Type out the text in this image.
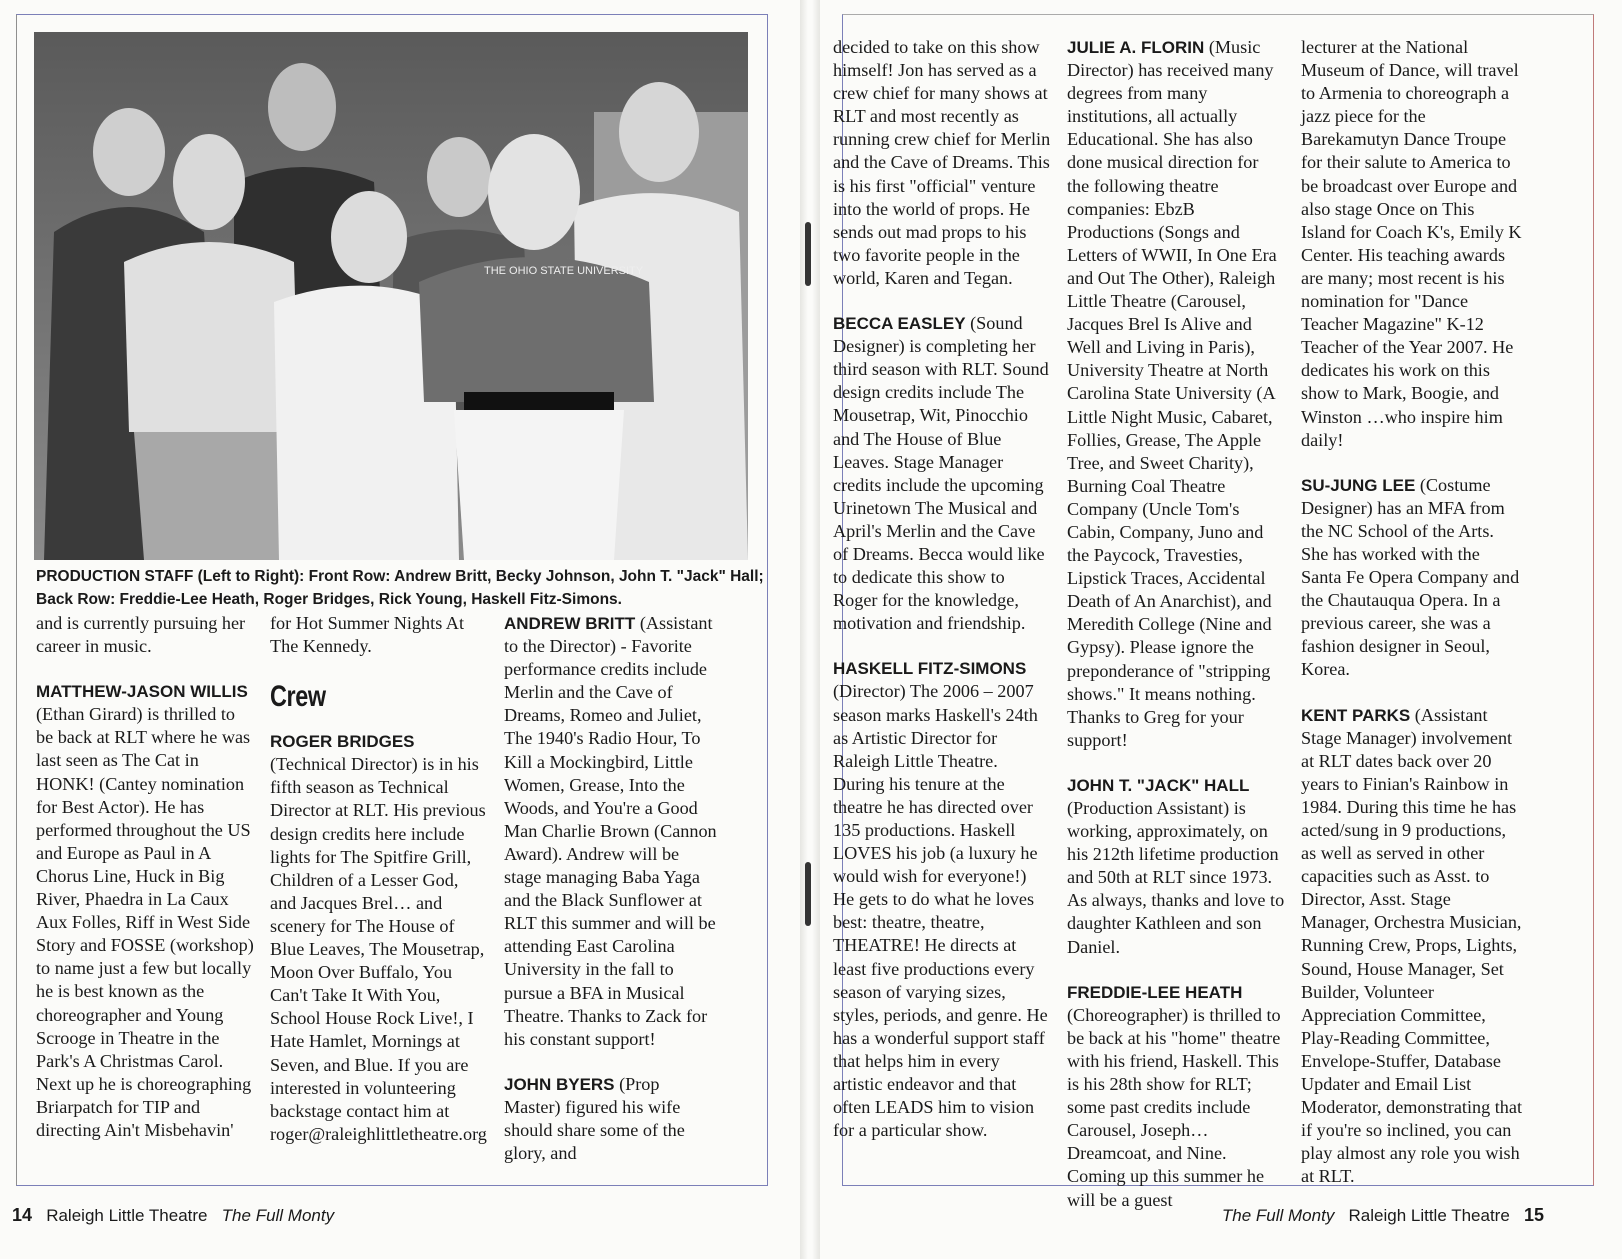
THE OHIO STATE UNIVERSITY
PRODUCTION STAFF (Left to Right): Front Row: Andrew Britt, Becky Johnson, John T. "Jack" Hall; Back Row: Freddie-Lee Heath, Roger Bridges, Rick Young, Haskell Fitz-Simons.

and is currently pursuing her career in music.

MATTHEW-JASON WILLIS (Ethan Girard) is thrilled to be back at RLT where he was last seen as The Cat in HONK! (Cantey nomination for Best Actor). He has performed throughout the US and Europe as Paul in A Chorus Line, Huck in Big River, Phaedra in La Caux Aux Folles, Riff in West Side Story and FOSSE (workshop) to name just a few but locally he is best known as the choreographer and Young Scrooge in Theatre in the Park's A Christmas Carol. Next up he is choreographing Briarpatch for TIP and directing Ain't Misbehavin'

for Hot Summer Nights At The Kennedy.

Crew

ROGER BRIDGES (Technical Director) is in his fifth season as Technical Director at RLT. His previous design credits here include lights for The Spitfire Grill, Children of a Lesser God, and Jacques Brel… and scenery for The House of Blue Leaves, The Mousetrap, Moon Over Buffalo, You Can't Take It With You, School House Rock Live!, I Hate Hamlet, Mornings at Seven, and Blue. If you are interested in volunteering backstage contact him at roger@raleighlittletheatre.org

ANDREW BRITT (Assistant to the Director) - Favorite performance credits include Merlin and the Cave of Dreams, Romeo and Juliet, The 1940's Radio Hour, To Kill a Mockingbird, Little Women, Grease, Into the Woods, and You're a Good Man Charlie Brown (Cannon Award). Andrew will be stage managing Baba Yaga and the Black Sunflower at RLT this summer and will be attending East Carolina University in the fall to pursue a BFA in Musical Theatre. Thanks to Zack for his constant support!

JOHN BYERS (Prop Master) figured his wife should share some of the glory, and

decided to take on this show himself! Jon has served as a crew chief for many shows at RLT and most recently as running crew chief for Merlin and the Cave of Dreams. This is his first "official" venture into the world of props. He sends out mad props to his two favorite people in the world, Karen and Tegan.

BECCA EASLEY (Sound Designer) is completing her third season with RLT. Sound design credits include The Mousetrap, Wit, Pinocchio and The House of Blue Leaves. Stage Manager credits include the upcoming Urinetown The Musical and April's Merlin and the Cave of Dreams. Becca would like to dedicate this show to Roger for the knowledge, motivation and friendship.

HASKELL FITZ-SIMONS (Director) The 2006 – 2007 season marks Haskell's 24th as Artistic Director for Raleigh Little Theatre. During his tenure at the theatre he has directed over 135 productions. Haskell LOVES his job (a luxury he would wish for everyone!) He gets to do what he loves best: theatre, theatre, THEATRE! He directs at least five productions every season of varying sizes, styles, periods, and genre. He has a wonderful support staff that helps him in every artistic endeavor and that often LEADS him to vision for a particular show.

JULIE A. FLORIN (Music Director) has received many degrees from many institutions, all actually Educational. She has also done musical direction for the following theatre companies: EbzB Productions (Songs and Letters of WWII, In One Era and Out The Other), Raleigh Little Theatre (Carousel, Jacques Brel Is Alive and Well and Living in Paris), University Theatre at North Carolina State University (A Little Night Music, Cabaret, Follies, Grease, The Apple Tree, and Sweet Charity), Burning Coal Theatre Company (Uncle Tom's Cabin, Company, Juno and the Paycock, Travesties, Lipstick Traces, Accidental Death of An Anarchist), and Meredith College (Nine and Gypsy). Please ignore the preponderance of "stripping shows." It means nothing. Thanks to Greg for your support!

JOHN T. "JACK" HALL (Production Assistant) is working, approximately, on his 212th lifetime production and 50th at RLT since 1973. As always, thanks and love to daughter Kathleen and son Daniel.

FREDDIE-LEE HEATH (Choreographer) is thrilled to be back at his "home" theatre with his friend, Haskell. This is his 28th show for RLT; some past credits include Carousel, Joseph…Dreamcoat, and Nine. Coming up this summer he will be a guest

lecturer at the National Museum of Dance, will travel to Armenia to choreograph a jazz piece for the Barekamutyn Dance Troupe for their salute to America to be broadcast over Europe and also stage Once on This Island for Coach K's, Emily K Center. His teaching awards are many; most recent is his nomination for "Dance Teacher Magazine" K-12 Teacher of the Year 2007. He dedicates his work on this show to Mark, Boogie, and Winston …who inspire him daily!

SU-JUNG LEE (Costume Designer) has an MFA from the NC School of the Arts. She has worked with the Santa Fe Opera Company and the Chautauqua Opera. In a previous career, she was a fashion designer in Seoul, Korea.

KENT PARKS (Assistant Stage Manager) involvement at RLT dates back over 20 years to Finian's Rainbow in 1984. During this time he has acted/sung in 9 productions, as well as served in other capacities such as Asst. to Director, Asst. Stage Manager, Orchestra Musician, Running Crew, Props, Lights, Sound, House Manager, Set Builder, Volunteer Appreciation Committee, Play-Reading Committee, Envelope-Stuffer, Database Updater and Email List Moderator, demonstrating that if you're so inclined, you can play almost any role you wish at RLT.

14 Raleigh Little Theatre The Full Monty	The Full Monty Raleigh Little Theatre 15
